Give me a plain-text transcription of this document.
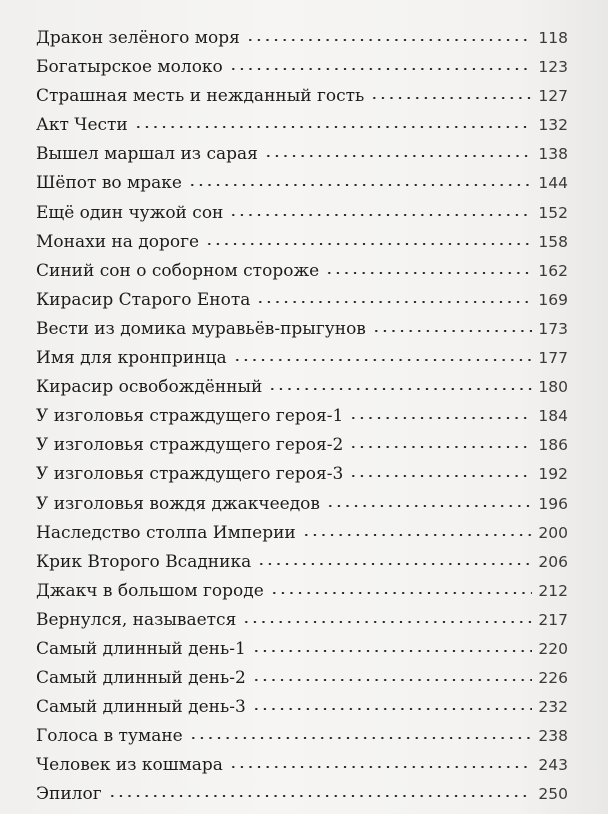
Дракон зелёного моря	118
Богатырское молоко	123
Страшная месть и нежданный гость	127
Акт Чести	132
Вышел маршал из сарая	138
Шёпот во мраке	144
Ещё один чужой сон	152
Монахи на дороге	158
Синий сон о соборном стороже	162
Кирасир Старого Енота	169
Вести из домика муравьёв-прыгунов	173
Имя для кронпринца	177
Кирасир освобождённый	180
У изголовья страждущего героя-1	184
У изголовья страждущего героя-2	186
У изголовья страждущего героя-3	192
У изголовья вождя джакчеедов	196
Наследство столпа Империи	200
Крик Второго Всадника	206
Джакч в большом городе	212
Вернулся, называется	217
Самый длинный день-1	220
Самый длинный день-2	226
Самый длинный день-3	232
Голоса в тумане	238
Человек из кошмара	243
Эпилог	250
